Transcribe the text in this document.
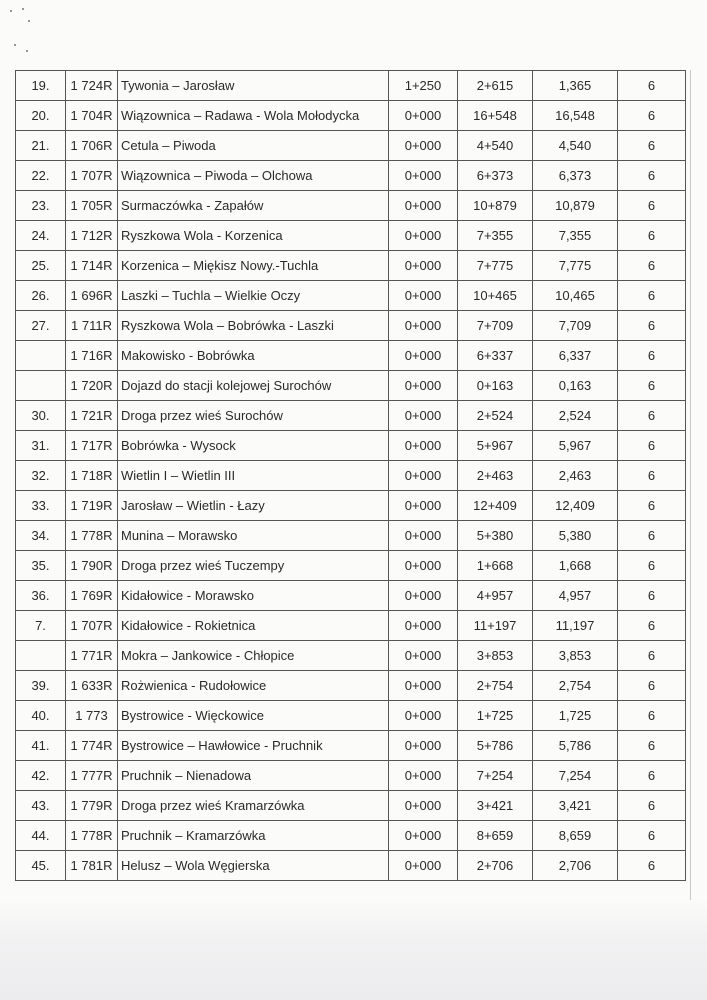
19.	1 724R	Tywonia – Jarosław	1+250	2+615	1,365	6
20.	1 704R	Wiązownica – Radawa - Wola Mołodycka	0+000	16+548	16,548	6
21.	1 706R	Cetula – Piwoda	0+000	4+540	4,540	6
22.	1 707R	Wiązownica – Piwoda – Olchowa	0+000	6+373	6,373	6
23.	1 705R	Surmaczówka - Zapałów	0+000	10+879	10,879	6
24.	1 712R	Ryszkowa Wola - Korzenica	0+000	7+355	7,355	6
25.	1 714R	Korzenica – Miękisz Nowy.-Tuchla	0+000	7+775	7,775	6
26.	1 696R	Laszki – Tuchla – Wielkie Oczy	0+000	10+465	10,465	6
27.	1 711R	Ryszkowa Wola – Bobrówka - Laszki	0+000	7+709	7,709	6
	1 716R	Makowisko - Bobrówka	0+000	6+337	6,337	6
	1 720R	Dojazd do stacji kolejowej Surochów	0+000	0+163	0,163	6
30.	1 721R	Droga przez wieś Surochów	0+000	2+524	2,524	6
31.	1 717R	Bobrówka - Wysock	0+000	5+967	5,967	6
32.	1 718R	Wietlin I – Wietlin III	0+000	2+463	2,463	6
33.	1 719R	Jarosław – Wietlin - Łazy	0+000	12+409	12,409	6
34.	1 778R	Munina – Morawsko	0+000	5+380	5,380	6
35.	1 790R	Droga przez wieś Tuczempy	0+000	1+668	1,668	6
36.	1 769R	Kidałowice - Morawsko	0+000	4+957	4,957	6
7.	1 707R	Kidałowice - Rokietnica	0+000	11+197	11,197	6
	1 771R	Mokra – Jankowice - Chłopice	0+000	3+853	3,853	6
39.	1 633R	Rożwienica - Rudołowice	0+000	2+754	2,754	6
40.	1 773	Bystrowice - Więckowice	0+000	1+725	1,725	6
41.	1 774R	Bystrowice – Hawłowice - Pruchnik	0+000	5+786	5,786	6
42.	1 777R	Pruchnik – Nienadowa	0+000	7+254	7,254	6
43.	1 779R	Droga przez wieś Kramarzówka	0+000	3+421	3,421	6
44.	1 778R	Pruchnik – Kramarzówka	0+000	8+659	8,659	6
45.	1 781R	Helusz – Wola Węgierska	0+000	2+706	2,706	6
